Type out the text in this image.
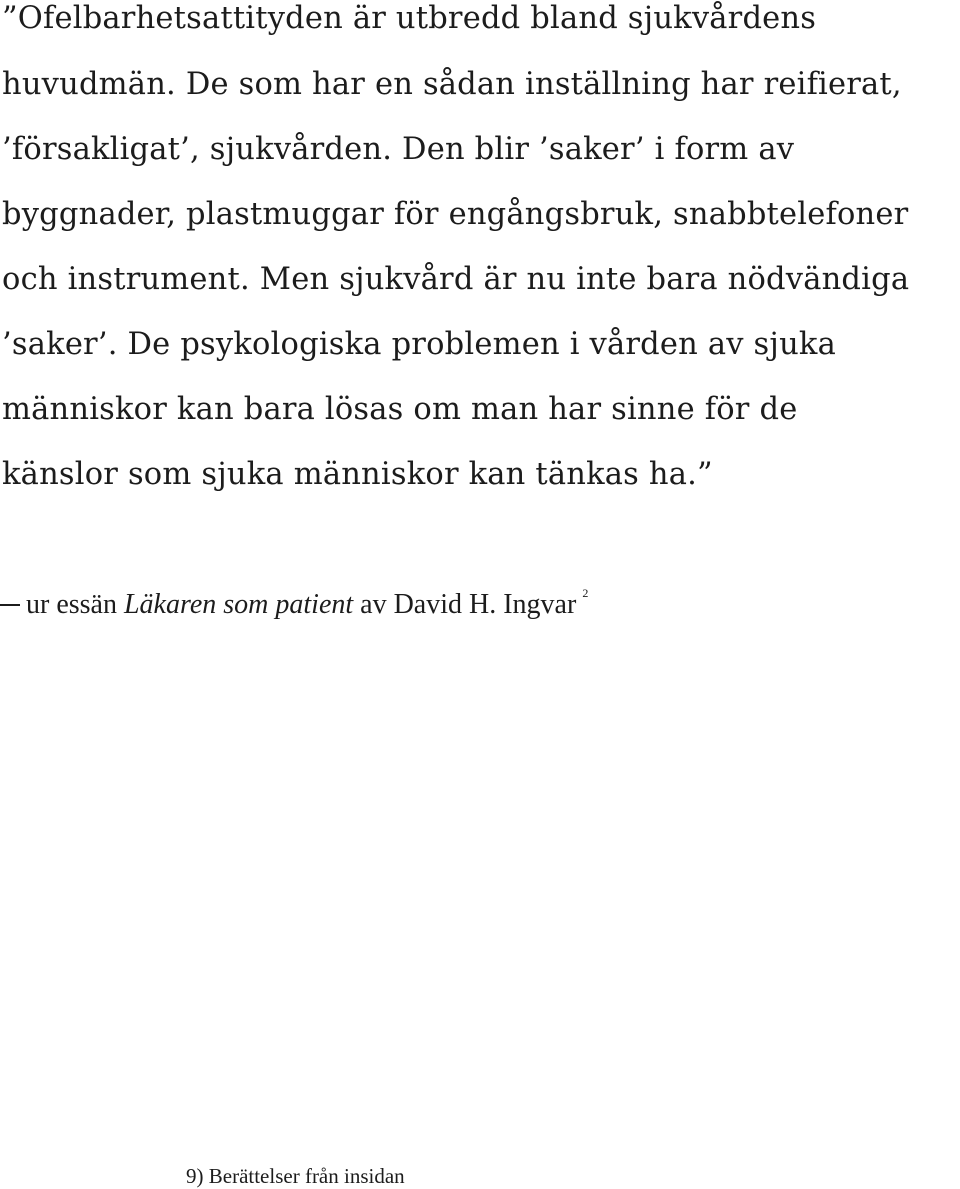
”Ofelbarhetsattityden är utbredd bland sjukvårdens
huvudmän. De som har en sådan inställning har reifierat,
’försakligat’, sjukvården. Den blir ’saker’ i form av
byggnader, plastmuggar för engångsbruk, snabbtelefoner
och instrument. Men sjukvård är nu inte bara nödvändiga
’saker’. De psykologiska problemen i vården av sjuka
människor kan bara lösas om man har sinne för de
känslor som sjuka människor kan tänkas ha.”
ur essän Läkaren som patient av David H. Ingvar $^2$
9) Berättelser från insidan
